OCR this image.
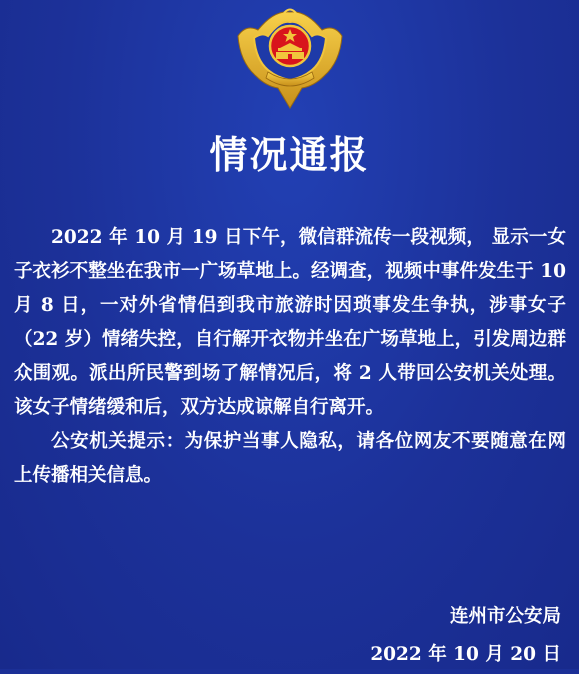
情况通报

2022 年 10 月 19 日下午，微信群流传一段视频， 显示一女子衣衫不整坐在我市一广场草地上。经调查，视频中事件发生于 10 月 8 日，一对外省情侣到我市旅游时因琐事发生争执，涉事女子（22 岁）情绪失控，自行解开衣物并坐在广场草地上，引发周边群众围观。派出所民警到场了解情况后，将 2 人带回公安机关处理。该女子情绪缓和后，双方达成谅解自行离开。

公安机关提示：为保护当事人隐私，请各位网友不要随意在网上传播相关信息。

连州市公安局
2022 年 10 月 20 日
